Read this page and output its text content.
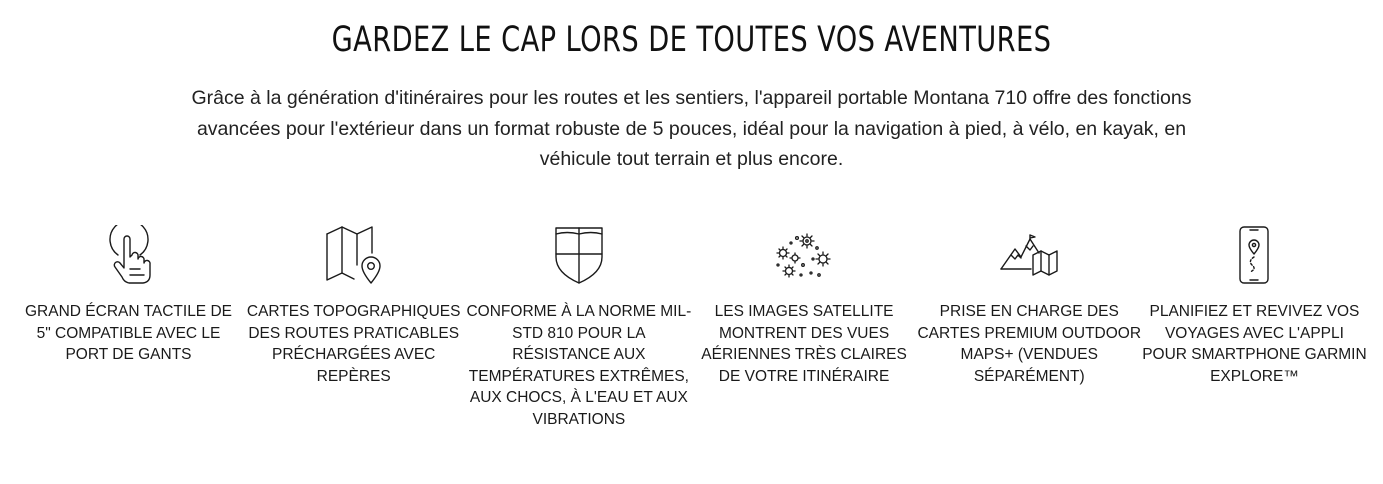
GARDEZ LE CAP LORS DE TOUTES VOS AVENTURES

Grâce à la génération d'itinéraires pour les routes et les sentiers, l'appareil portable Montana 710 offre des fonctions avancées pour l'extérieur dans un format robuste de 5 pouces, idéal pour la navigation à pied, à vélo, en kayak, en véhicule tout terrain et plus encore.

GRAND ÉCRAN TACTILE DE 5" COMPATIBLE AVEC LE PORT DE GANTS
CARTES TOPOGRAPHIQUES DES ROUTES PRATICABLES PRÉCHARGÉES AVEC REPÈRES
CONFORME À LA NORME MIL-STD 810 POUR LA RÉSISTANCE AUX TEMPÉRATURES EXTRÊMES, AUX CHOCS, À L'EAU ET AUX VIBRATIONS
LES IMAGES SATELLITE MONTRENT DES VUES AÉRIENNES TRÈS CLAIRES DE VOTRE ITINÉRAIRE
PRISE EN CHARGE DES CARTES PREMIUM OUTDOOR MAPS+ (VENDUES SÉPARÉMENT)
PLANIFIEZ ET REVIVEZ VOS VOYAGES AVEC L'APPLI POUR SMARTPHONE GARMIN EXPLORE™
